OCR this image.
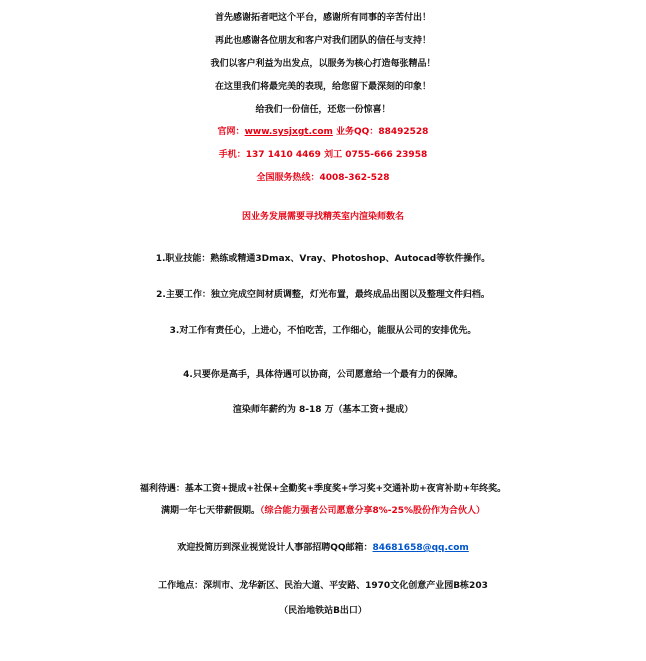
首先感谢拓者吧这个平台，感谢所有同事的辛苦付出！
再此也感谢各位朋友和客户对我们团队的信任与支持！
我们以客户利益为出发点，以服务为核心打造每张精品！
在这里我们将最完美的表现，给您留下最深刻的印象！
给我们一份信任，还您一份惊喜！
官网：www.sysjxgt.com 业务QQ：88492528
手机：137 1410 4469 刘工 0755-666 23958
全国服务热线：4008-362-528
因业务发展需要寻找精英室内渲染师数名
1.职业技能：熟练或精通3Dmax、Vray、Photoshop、Autocad等软件操作。
2.主要工作：独立完成空间材质调整，灯光布置，最终成品出图以及整理文件归档。
3.对工作有责任心，上进心，不怕吃苦，工作细心，能服从公司的安排优先。
4.只要你是高手，具体待遇可以协商，公司愿意给一个最有力的保障。
渲染师年薪约为 8-18 万（基本工资+提成）
福利待遇：基本工资+提成+社保+全勤奖+季度奖+学习奖+交通补助+夜宵补助+年终奖。
满期一年七天带薪假期。（综合能力强者公司愿意分享8%-25%股份作为合伙人）
欢迎投简历到深业视觉设计人事部招聘QQ邮箱：84681658@qq.com
工作地点：深圳市、龙华新区、民治大道、平安路、1970文化创意产业园B栋203
（民治地铁站B出口）
